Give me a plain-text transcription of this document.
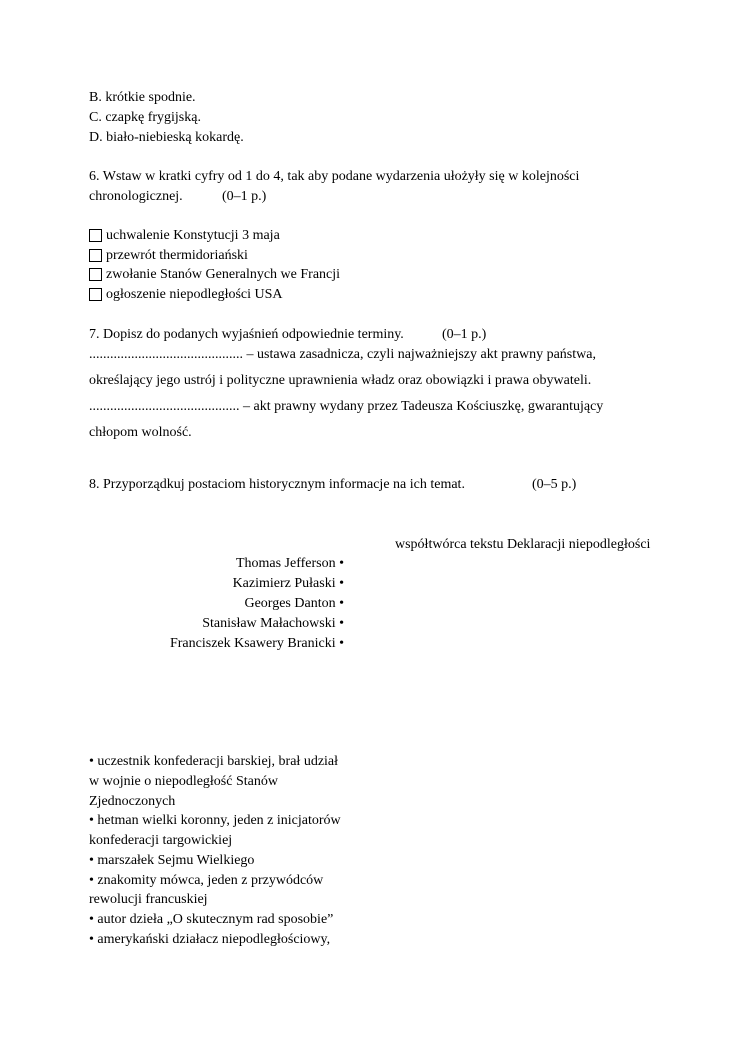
B. krótkie spodnie.
C. czapkę frygijską.
D. biało-niebieską kokardę.
6. Wstaw w kratki cyfry od 1 do 4, tak aby podane wydarzenia ułożyły się w kolejności
chronologicznej.	(0–1 p.)
uchwalenie Konstytucji 3 maja
przewrót thermidoriański
zwołanie Stanów Generalnych we Francji
ogłoszenie niepodległości USA
7. Dopisz do podanych wyjaśnień odpowiednie terminy.	(0–1 p.)
............................................ – ustawa zasadnicza, czyli najważniejszy akt prawny państwa,
określający jego ustrój i polityczne uprawnienia władz oraz obowiązki i prawa obywateli.
........................................... – akt prawny wydany przez Tadeusza Kościuszkę, gwarantujący
chłopom wolność.
8. Przyporządkuj postaciom historycznym informacje na ich temat.	(0–5 p.)
współtwórca tekstu Deklaracji niepodległości
Thomas Jefferson •
Kazimierz Pułaski •
Georges Danton •
Stanisław Małachowski •
Franciszek Ksawery Branicki •
• uczestnik konfederacji barskiej, brał udział
w wojnie o niepodległość Stanów
Zjednoczonych
• hetman wielki koronny, jeden z inicjatorów
konfederacji targowickiej
• marszałek Sejmu Wielkiego
• znakomity mówca, jeden z przywódców
rewolucji francuskiej
• autor dzieła „O skutecznym rad sposobie”
• amerykański działacz niepodległościowy,
